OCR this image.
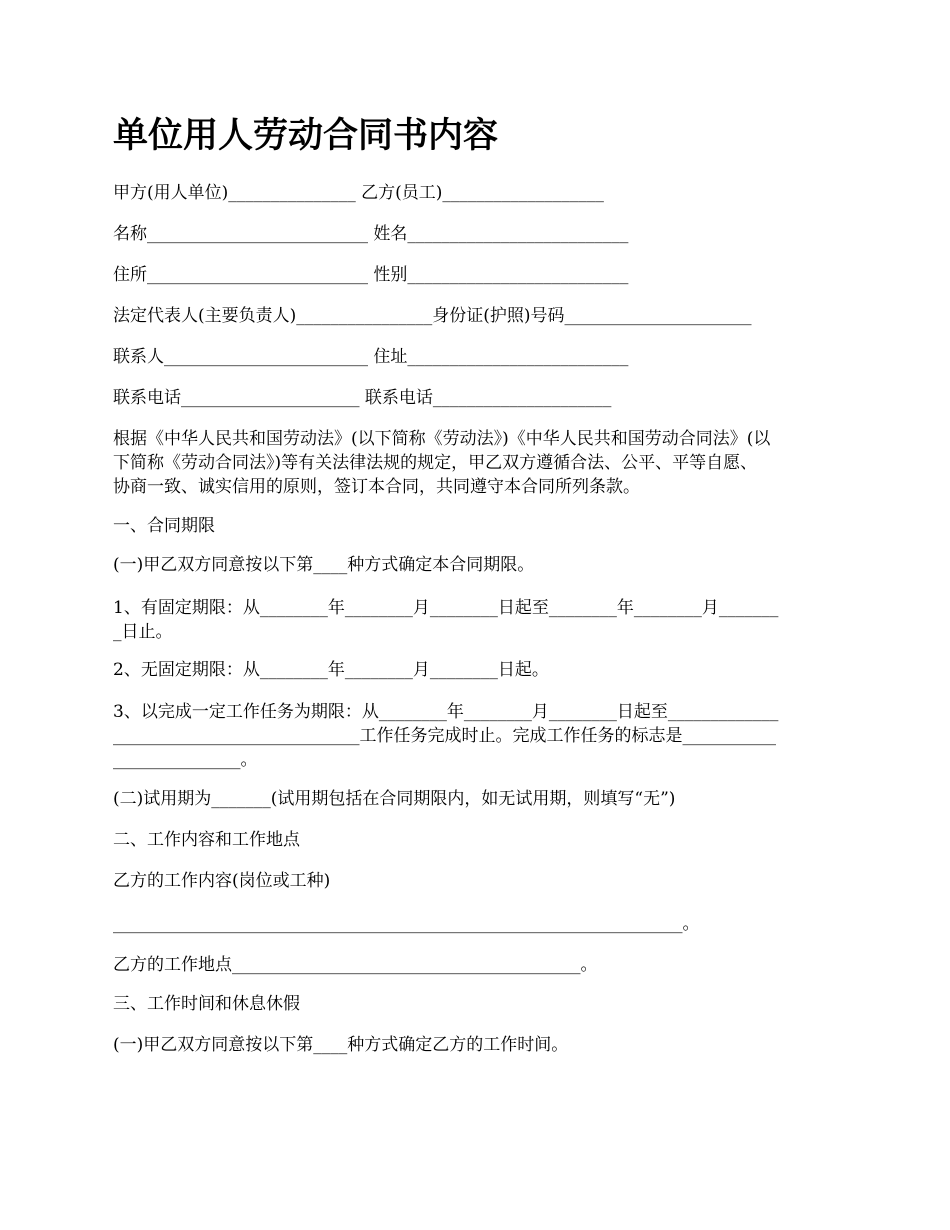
单位用人劳动合同书内容

甲方(用人单位)_______________ 乙方(员工)___________________

名称__________________________ 姓名__________________________

住所__________________________ 性别__________________________

法定代表人(主要负责人)________________身份证(护照)号码______________________

联系人________________________ 住址__________________________

联系电话_____________________ 联系电话_____________________

根据《中华人民共和国劳动法》(以下简称《劳动法》)《中华人民共和国劳动合同法》(以
下简称《劳动合同法》)等有关法律法规的规定，甲乙双方遵循合法、公平、平等自愿、
协商一致、诚实信用的原则，签订本合同，共同遵守本合同所列条款。

一、合同期限

(一)甲乙双方同意按以下第____种方式确定本合同期限。

1、有固定期限：从________年________月________日起至________年________月_______
_日止。

2、无固定期限：从________年________月________日起。

3、以完成一定工作任务为期限：从________年________月________日起至_____________
_____________________________工作任务完成时止。完成工作任务的标志是___________
_______________。

(二)试用期为_______(试用期包括在合同期限内，如无试用期，则填写“无”)

二、工作内容和工作地点

乙方的工作内容(岗位或工种)

___________________________________________________________________。

乙方的工作地点_________________________________________。

三、工作时间和休息休假

(一)甲乙双方同意按以下第____种方式确定乙方的工作时间。
